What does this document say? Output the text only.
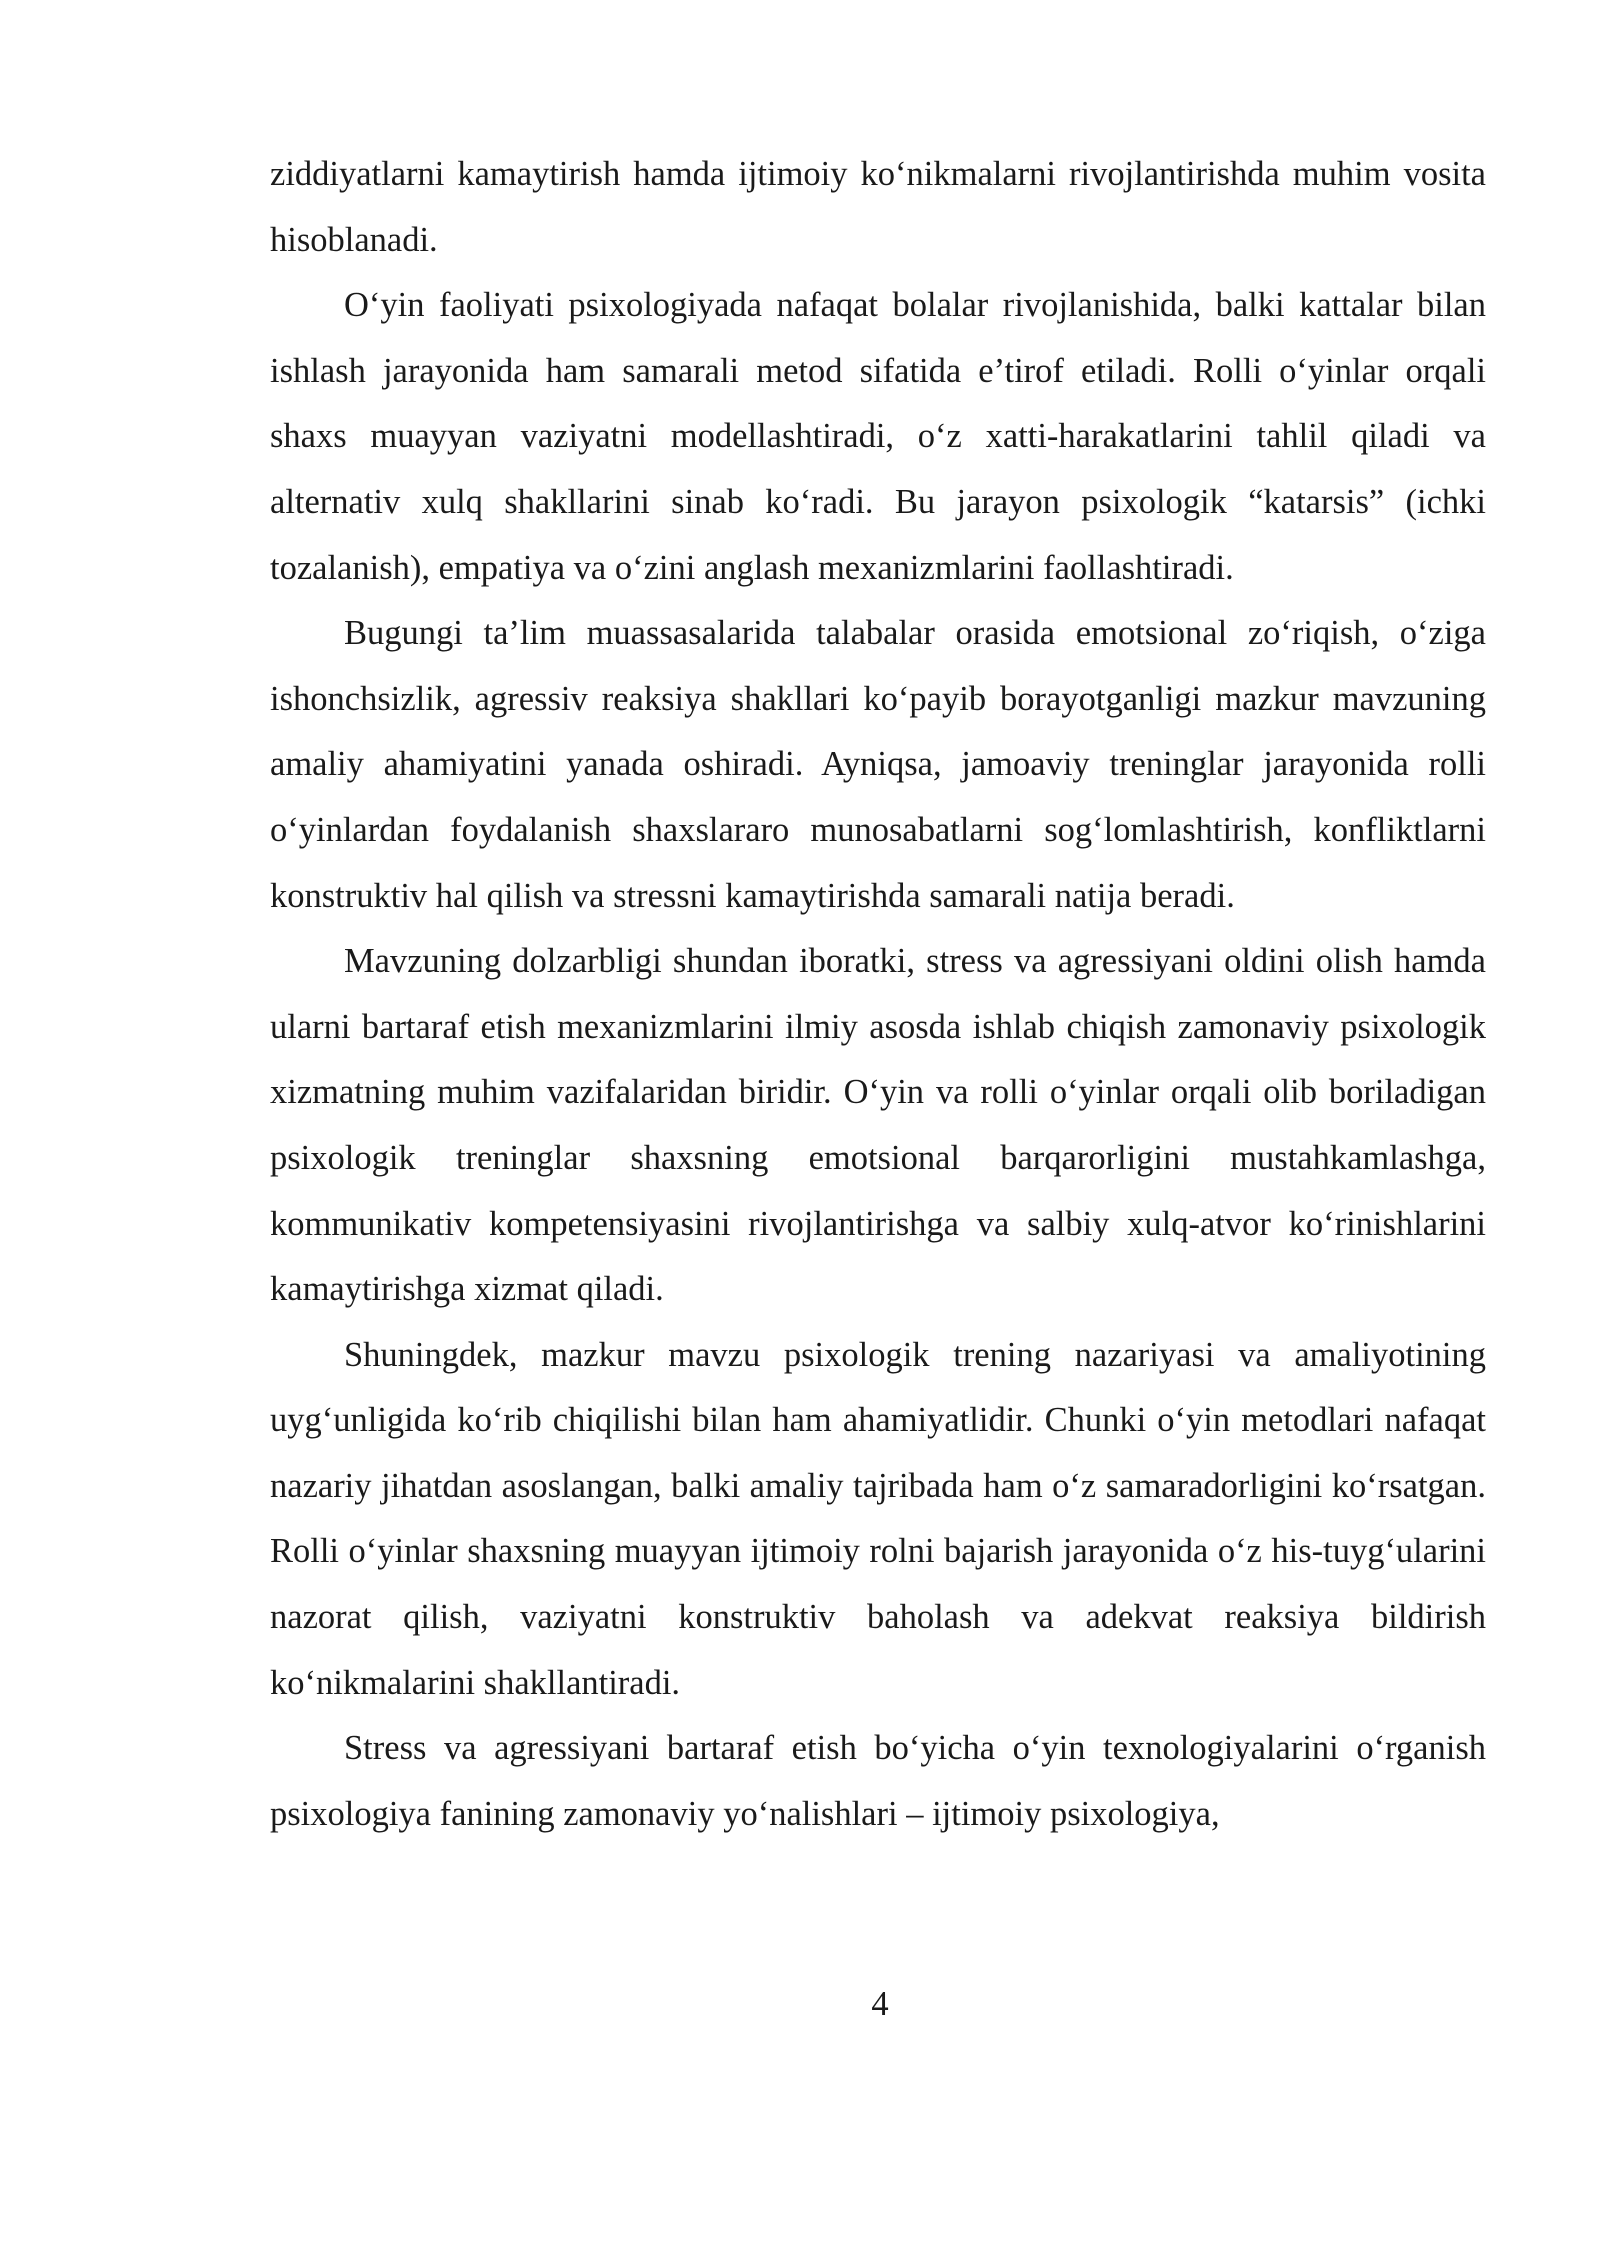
ziddiyatlarni kamaytirish hamda ijtimoiy ko‘nikmalarni rivojlantirishda muhim vosita hisoblanadi.

O‘yin faoliyati psixologiyada nafaqat bolalar rivojlanishida, balki kattalar bilan ishlash jarayonida ham samarali metod sifatida e’tirof etiladi. Rolli o‘yinlar orqali shaxs muayyan vaziyatni modellashtiradi, o‘z xatti-harakatlarini tahlil qiladi va alternativ xulq shakllarini sinab ko‘radi. Bu jarayon psixologik “katarsis” (ichki tozalanish), empatiya va o‘zini anglash mexanizmlarini faollashtiradi.

Bugungi ta’lim muassasalarida talabalar orasida emotsional zo‘riqish, o‘ziga ishonchsizlik, agressiv reaksiya shakllari ko‘payib borayotganligi mazkur mavzuning amaliy ahamiyatini yanada oshiradi. Ayniqsa, jamoaviy treninglar jarayonida rolli o‘yinlardan foydalanish shaxslararo munosabatlarni sog‘lomlashtirish, konfliktlarni konstruktiv hal qilish va stressni kamaytirishda samarali natija beradi.

Mavzuning dolzarbligi shundan iboratki, stress va agressiyani oldini olish hamda ularni bartaraf etish mexanizmlarini ilmiy asosda ishlab chiqish zamonaviy psixologik xizmatning muhim vazifalaridan biridir. O‘yin va rolli o‘yinlar orqali olib boriladigan psixologik treninglar shaxsning emotsional barqarorligini mustahkamlashga, kommunikativ kompetensiyasini rivojlantirishga va salbiy xulq-atvor ko‘rinishlarini kamaytirishga xizmat qiladi.

Shuningdek, mazkur mavzu psixologik trening nazariyasi va amaliyotining uyg‘unligida ko‘rib chiqilishi bilan ham ahamiyatlidir. Chunki o‘yin metodlari nafaqat nazariy jihatdan asoslangan, balki amaliy tajribada ham o‘z samaradorligini ko‘rsatgan. Rolli o‘yinlar shaxsning muayyan ijtimoiy rolni bajarish jarayonida o‘z his-tuyg‘ularini nazorat qilish, vaziyatni konstruktiv baholash va adekvat reaksiya bildirish ko‘nikmalarini shakllantiradi.

Stress va agressiyani bartaraf etish bo‘yicha o‘yin texnologiyalarini o‘rganish psixologiya fanining zamonaviy yo‘nalishlari – ijtimoiy psixologiya,

4
